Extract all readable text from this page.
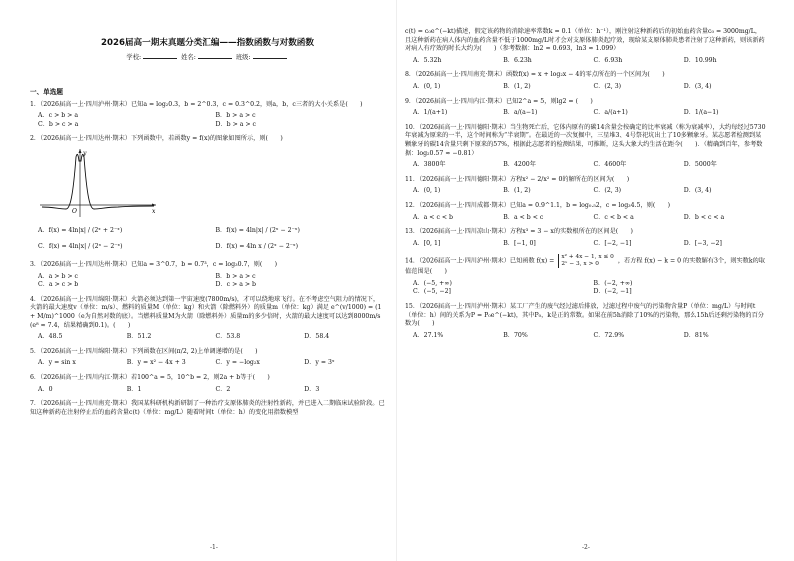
2026届高一期末真题分类汇编——指数函数与对数函数
学校:	姓名:	班级:
一、单选题
1．（2026届高一上·四川泸州·期末）已知a = log₂0.3，b = 2^0.3，c = 0.3^0.2，则a，b，c三者的大小关系是(　　)
A．c > b > a	B．b > a > c
C．b > c > a	D．b > a > c
2．（2026届高一上·四川达州·期末）下列函数中，若函数y = f(x)的图象如图所示，则(　　)
y
x
O
A．f(x) = 4ln|x| / (2ˣ + 2⁻ˣ)	B．f(x) = 4ln|x| / (2ˣ − 2⁻ˣ)
C．f(x) = 4ln|x| / (2ˣ − 2⁻ˣ)	D．f(x) = 4ln x / (2ˣ − 2⁻ˣ)
3．（2026届高一上·四川达州·期末）已知a = 3^0.7，b = 0.7³，c = log₃0.7，则(　　)
A．a > b > c	B．b > a > c
C．a > c > b	D．c > a > b
4．（2026届高一上·四川绵阳·期末）火箭必须达到第一宇宙速度(7800m/s)，才可以绕地球飞行。在不考虑空气阻力的情况下，火箭的最大速度v（单位：m/s）、燃料的质量M（单位：kg）和火箭（除燃料外）的质量m（单位：kg）满足 e^(v/1000) = (1 + M/m)^1000（e为自然对数的底）。当燃料质量M为火箭（除燃料外）质量m的多少倍时，火箭的最大速度可以达到8000m/s (e⁸ ≈ 7.4，结果精确到0.1)。(　　)
A．48.5	B．51.2	C．53.8	D．58.4
5．（2026届高一上·四川绵阳·期末）下列函数在区间(π/2, 2)上单调递增的是(　　)
A．y = sin x	B．y = x² − 4x + 3	C．y = −log₂x	D．y = 3ˣ
6．（2026届高一上·四川内江·期末）若100^a = 5，10^b = 2，则2a + b等于(　　)
A．0	B．1	C．2	D．3
7．（2026届高一上·四川南充·期末）我国某科研机构新研制了一种治疗支原体肺炎的注射性新药，并已进入二期临床试验阶段。已知这种新药在注射停止后的血药含量c(t)（单位：mg/L）随着时间t（单位：h）的变化用指数模型
-1-
c(t) = c₀e^(−kt)描述，假定该药物的消除速率常数k = 0.1（单位：h⁻¹），刚注射这种新药后的初始血药含量c₀ = 3000mg/L，且这种新药在病人体内的血药含量不低于1000mg/L时才会对支原体肺炎起疗效，现给某支原体肺炎患者注射了这种新药，则该新药对病人有疗效的时长大约为(　　)（参考数据：ln2 ≈ 0.693，ln3 ≈ 1.099）
A．5.32h	B．6.23h	C．6.93h	D．10.99h
8．（2026届高一上·四川南充·期末）函数f(x) = x + log₂x − 4的零点所在的一个区间为(　　)
A．(0, 1)	B．(1, 2)	C．(2, 3)	D．(3, 4)
9．（2026届高一上·四川内江·期末）已知2^a = 5，则lg2 = (　　)
A．1/(a+1)	B．a/(a−1)	C．a/(a+1)	D．1/(a−1)
10．（2026届高一上·四川德阳·期末）当生物死亡后，它体内原有的碳14含量会按确定的比率衰减（称为衰减率），大约每经过5730年衰减为原来的一半，这个时间称为“半衰期”。在最近的一次复掘中，三星堆3、4号祭祀坑出土了10多颗象牙。某志愿者检测到某颗象牙的碳14含量只剩下原来的57%，根据此志愿者的检测结果，可推断，这头大象大约生活在距今(　　)．（精确到百年，参考数据：log₂0.57 ≈ −0.81）
A．3800年	B．4200年	C．4600年	D．5000年
11．（2026届高一上·四川德阳·期末）方程x² − 2/x² = 0的解所在的区间为(　　)
A．(0, 1)	B．(1, 2)	C．(2, 3)	D．(3, 4)
12．（2026届高一上·四川成都·期末）已知a = 0.9^1.1，b = log₀.₅2，c = log₃4.5，则(　　)
A．a < c < b	B．a < b < c	C．c < b < a	D．b < c < a
13．（2026届高一上·四川凉山·期末）方程x³ = 3 − x的实数根所在的区间是(　　)
A．[0, 1]	B．[−1, 0]	C．[−2, −1]	D．[−3, −2]
14．（2026届高一上·四川泸州·期末）已知函数 f(x) = x² + 4x − 1, x ≤ 0
2ˣ − 3, x > 0	，若方程 f(x) − k = 0 的实数解有3个，则实数k的取值范围是(　　)
A．(−5, +∞)	B．(−2, +∞)
C．(−5, −2]	D．(−2, −1]
15．（2026届高一上·四川泸州·期末）某工厂产生的废气经过滤后排放，过滤过程中废气的污染物含量P（单位：mg/L）与时间t（单位：h）间的关系为P = P₀e^(−kt)，其中P₀，k是正的常数。如果在前5h消除了10%的污染物，那么15h后还剩污染物的百分数为(　　)
A．27.1%	B．70%	C．72.9%	D．81%
-2-
